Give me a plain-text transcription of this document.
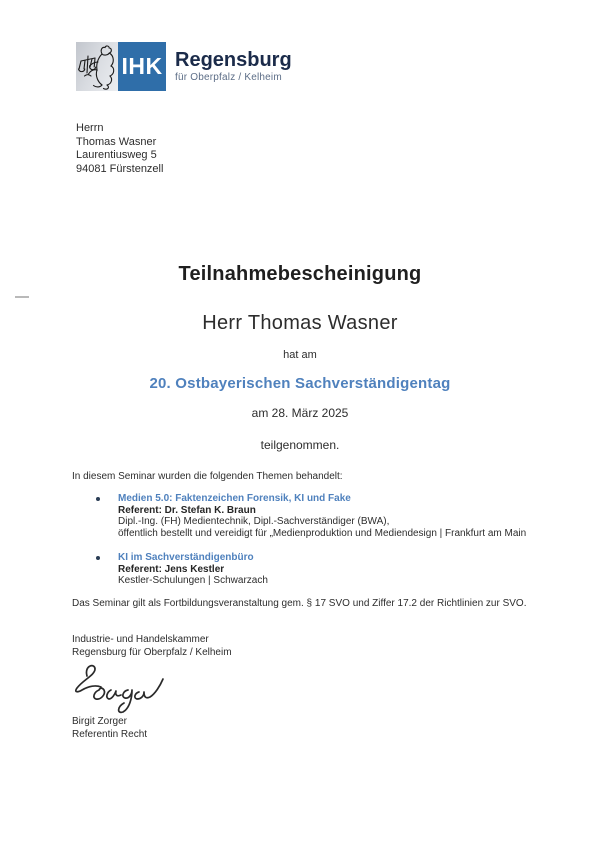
IHK Regensburg
für Oberpfalz / Kelheim
Herrn
Thomas Wasner
Laurentiusweg 5
94081 Fürstenzell
Teilnahmebescheinigung
Herr Thomas Wasner
hat am
20. Ostbayerischen Sachverständigentag
am 28. März 2025
teilgenommen.
In diesem Seminar wurden die folgenden Themen behandelt:
Medien 5.0: Faktenzeichen Forensik, KI und Fake
Referent: Dr. Stefan K. Braun
Dipl.-Ing. (FH) Medientechnik, Dipl.-Sachverständiger (BWA),
öffentlich bestellt und vereidigt für „Medienproduktion und Mediendesign | Frankfurt am Main
KI im Sachverständigenbüro
Referent: Jens Kestler
Kestler-Schulungen | Schwarzach
Das Seminar gilt als Fortbildungsveranstaltung gem. § 17 SVO und Ziffer 17.2 der Richtlinien zur SVO.
Industrie- und Handelskammer
Regensburg für Oberpfalz / Kelheim
Birgit Zorger
Referentin Recht
